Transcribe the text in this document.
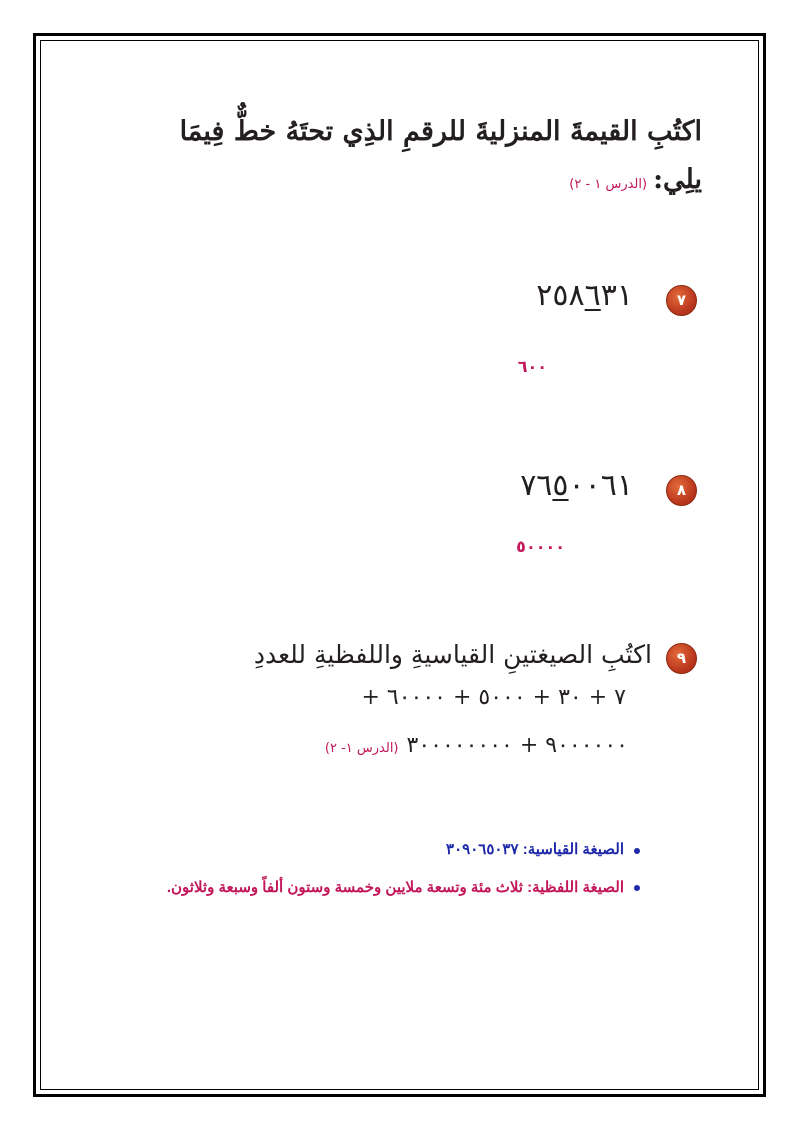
اكتُبِ القيمةَ المنزليةَ للرقمِ الذِي تحتَهُ خطٌّ فِيمَا
يلِي:(الدرس ١ - ٢)
٧
٢٥٨٦٣١
٦٠٠
٨
٧٦٥٠٠٦١
٥٠٠٠٠
٩
اكتُبِ الصيغتينِ القياسيةِ واللفظيةِ للعددِ
٧ + ٣٠ + ٥٠٠٠ + ٦٠٠٠٠ +
٩٠٠٠٠٠٠ + ٣٠٠٠٠٠٠٠٠(الدرس ١- ٢)
الصيغة القياسية: ٣٠٩٠٦٥٠٣٧
الصيغة اللفظية: ثلاث مئة وتسعة ملايين وخمسة وستون ألفاً وسبعة وثلاثون.
